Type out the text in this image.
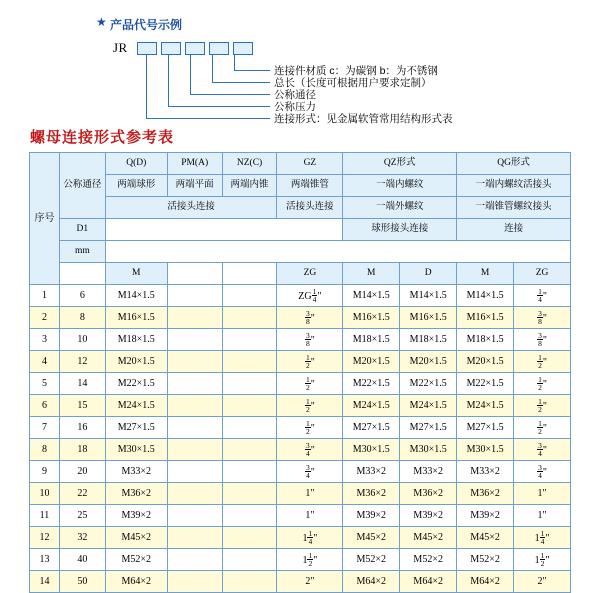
★ 产品代号示例
JR
连接件材质 c：为碳钢 b：为不锈钢
总长（长度可根据用户要求定制）
公称通径
公称压力
连接形式：见金属软管常用结构形式表
螺母连接形式参考表
序号	公称通径	Q(D)	PM(A)	NZ(C)	GZ	QZ形式		QG形式	
		两端球形	两端平面	两端内锥	两端锥管	一端内螺纹		一端内螺纹活接头	
		活接头连接			活接头连接	一端外螺纹		一端锥管螺纹接头	
	D1					球形接头连接		连接	
	mm								
		M			ZG	M	D	M	ZG
1	6	M14×1.5			ZG $\frac{1}{4}$ "	M14×1.5	M14×1.5	M14×1.5	$\frac{1}{4}$ "
2	8	M16×1.5			$\frac{3}{8}$ "	M16×1.5	M16×1.5	M16×1.5	$\frac{3}{8}$ "
3	10	M18×1.5			$\frac{3}{8}$ "	M18×1.5	M18×1.5	M18×1.5	$\frac{3}{8}$ "
4	12	M20×1.5			$\frac{1}{2}$ "	M20×1.5	M20×1.5	M20×1.5	$\frac{1}{2}$ "
5	14	M22×1.5			$\frac{1}{2}$ "	M22×1.5	M22×1.5	M22×1.5	$\frac{1}{2}$ "
6	15	M24×1.5			$\frac{1}{2}$ "	M24×1.5	M24×1.5	M24×1.5	$\frac{1}{2}$ "
7	16	M27×1.5			$\frac{1}{2}$ "	M27×1.5	M27×1.5	M27×1.5	$\frac{1}{2}$ "
8	18	M30×1.5			$\frac{3}{4}$ "	M30×1.5	M30×1.5	M30×1.5	$\frac{3}{4}$ "
9	20	M33×2			$\frac{3}{4}$ "	M33×2	M33×2	M33×2	$\frac{3}{4}$ "
10	22	M36×2			1"	M36×2	M36×2	M36×2	1"
11	25	M39×2			1"	M39×2	M39×2	M39×2	1"
12	32	M45×2			$1 \frac{1}{4}$ "	M45×2	M45×2	M45×2	$1 \frac{1}{4}$ "
13	40	M52×2			$1 \frac{1}{2}$ "	M52×2	M52×2	M52×2	$1 \frac{1}{2}$ "
14	50	M64×2			2"	M64×2	M64×2	M64×2	2"
